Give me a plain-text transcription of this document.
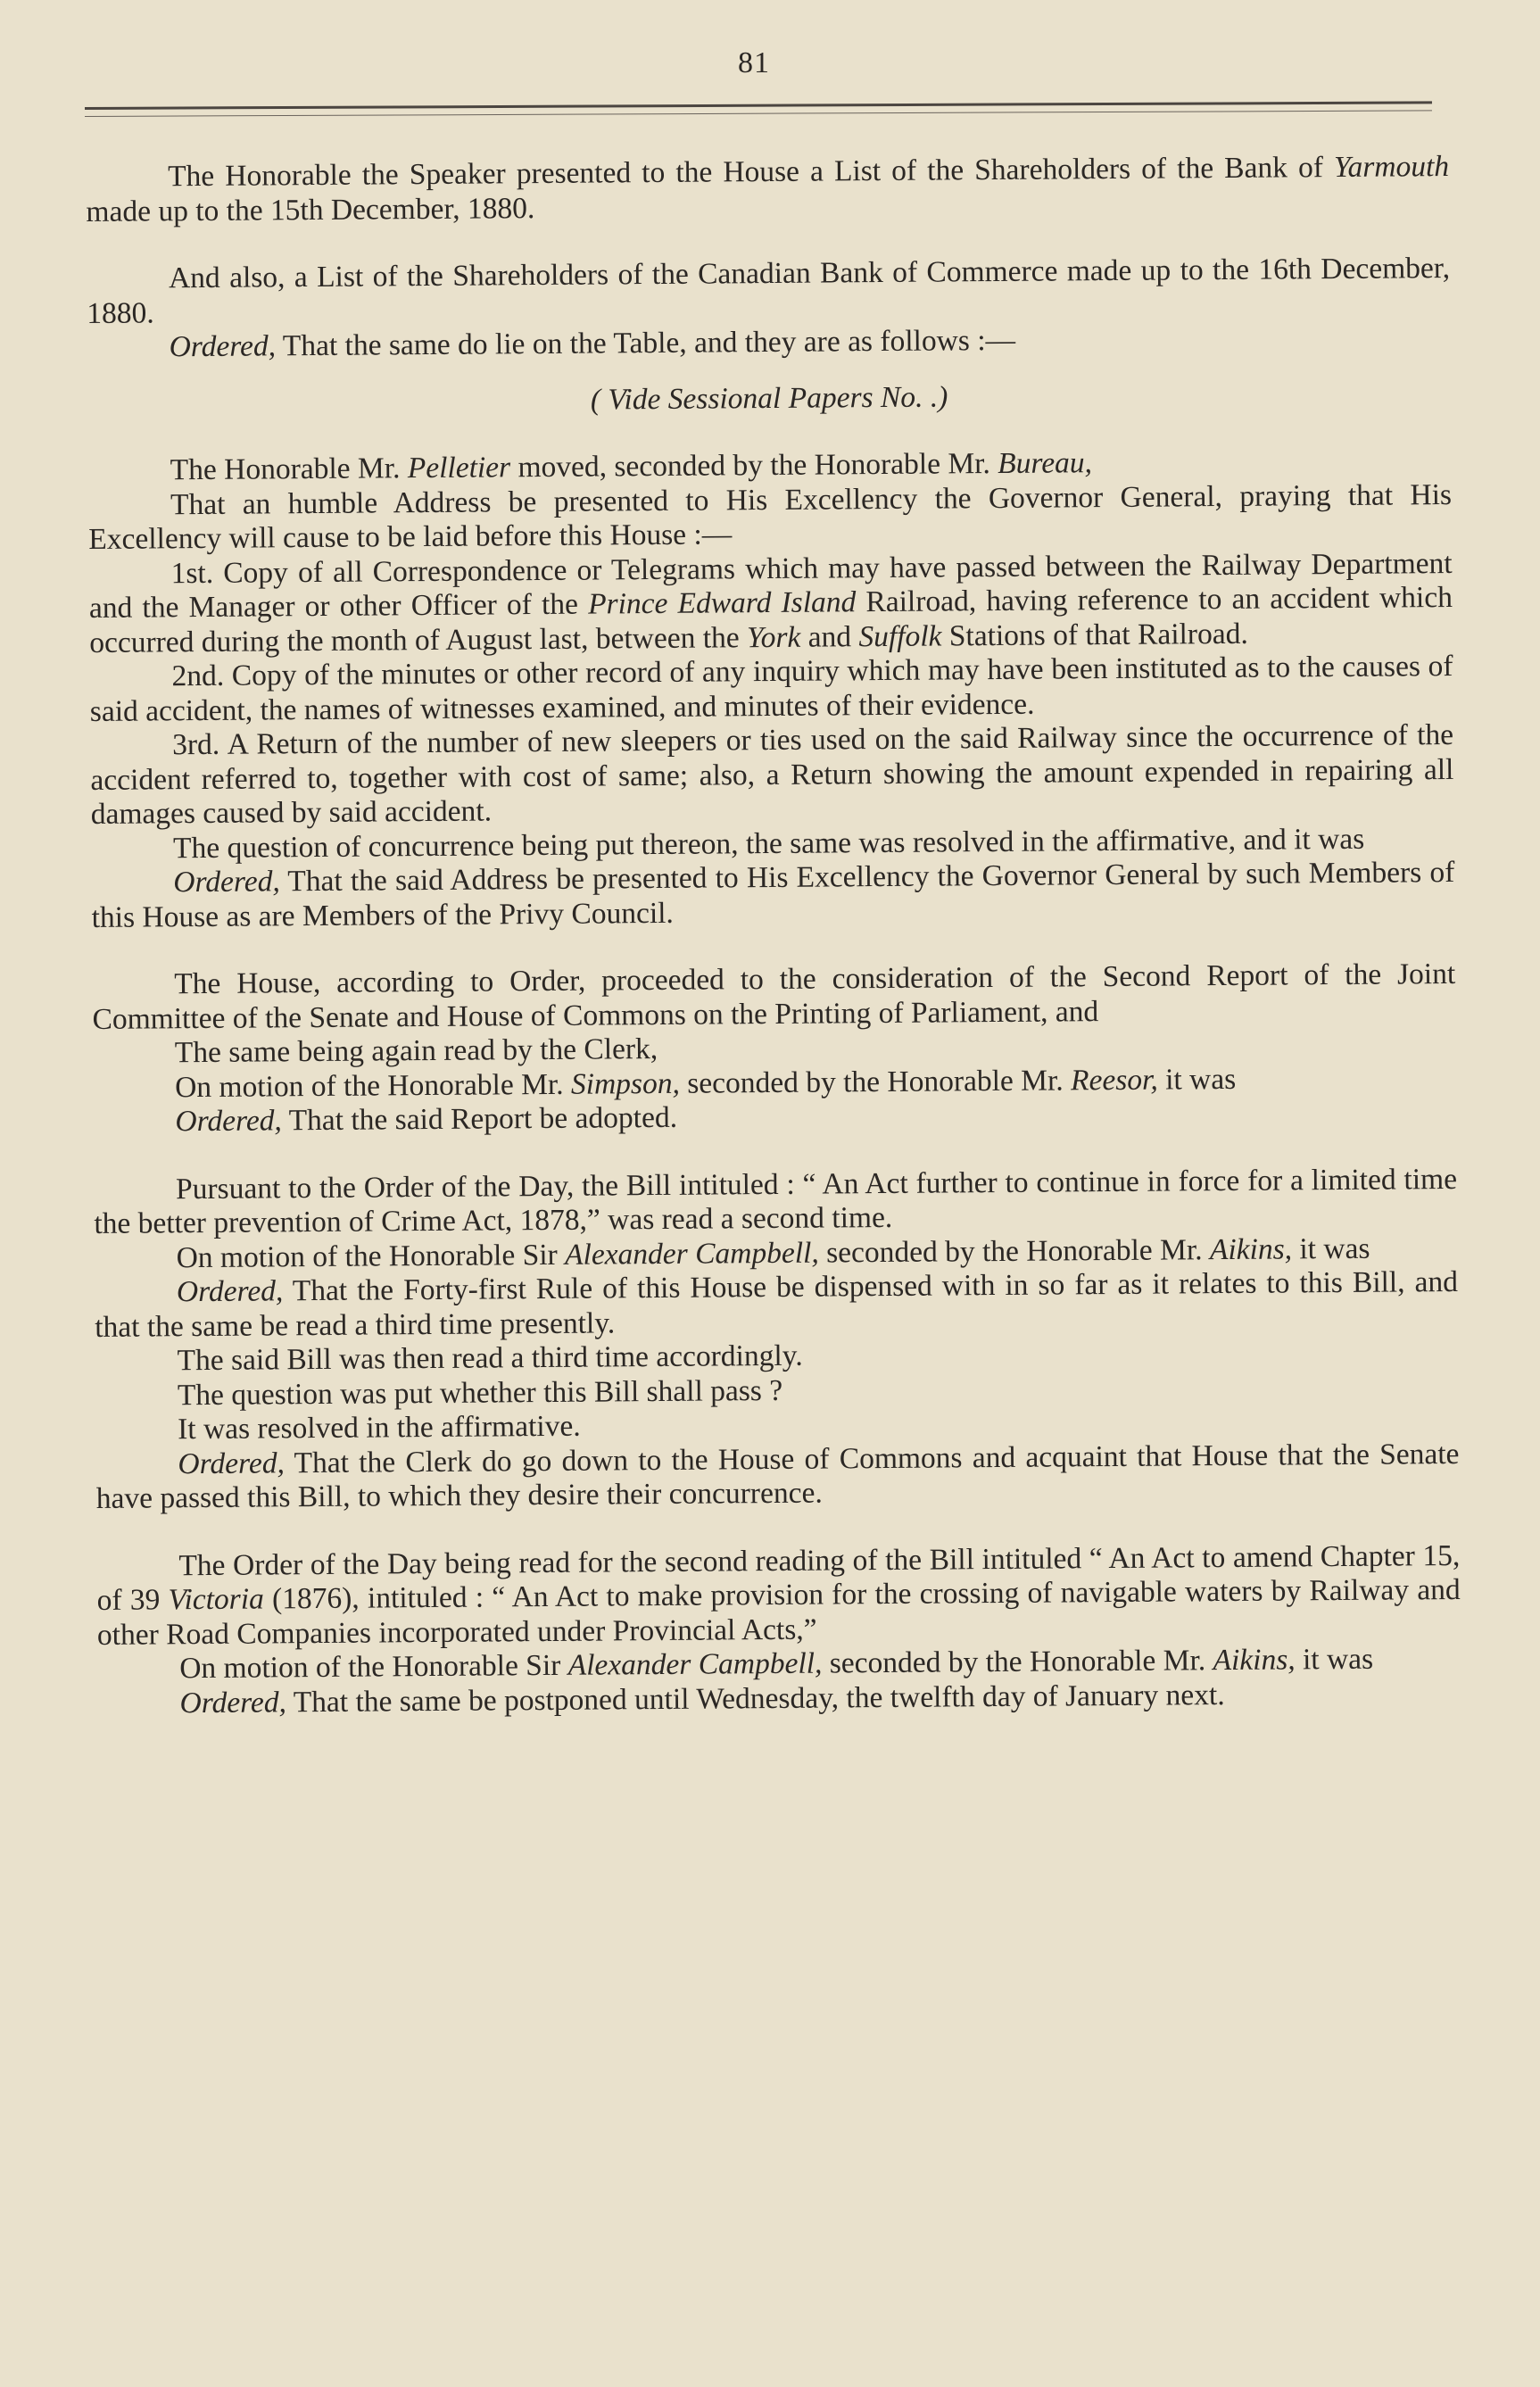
81

The Honorable the Speaker presented to the House a List of the Shareholders of the Bank of Yarmouth made up to the 15th December, 1880.

And also, a List of the Shareholders of the Canadian Bank of Commerce made up to the 16th December, 1880.

Ordered, That the same do lie on the Table, and they are as follows :—

( Vide Sessional Papers No. .)

The Honorable Mr. Pelletier moved, seconded by the Honorable Mr. Bureau,

That an humble Address be presented to His Excellency the Governor General, praying that His Excellency will cause to be laid before this House :—

1st. Copy of all Correspondence or Telegrams which may have passed between the Railway Department and the Manager or other Officer of the Prince Edward Island Railroad, having reference to an accident which occurred during the month of August last, between the York and Suffolk Stations of that Railroad.

2nd. Copy of the minutes or other record of any inquiry which may have been instituted as to the causes of said accident, the names of witnesses examined, and minutes of their evidence.

3rd. A Return of the number of new sleepers or ties used on the said Railway since the occurrence of the accident referred to, together with cost of same; also, a Return showing the amount expended in repairing all damages caused by said accident.

The question of concurrence being put thereon, the same was resolved in the affirmative, and it was

Ordered, That the said Address be presented to His Excellency the Governor General by such Members of this House as are Members of the Privy Council.

The House, according to Order, proceeded to the consideration of the Second Report of the Joint Committee of the Senate and House of Commons on the Printing of Parliament, and

The same being again read by the Clerk,

On motion of the Honorable Mr. Simpson, seconded by the Honorable Mr. Reesor, it was

Ordered, That the said Report be adopted.

Pursuant to the Order of the Day, the Bill intituled : “ An Act further to continue in force for a limited time the better prevention of Crime Act, 1878,” was read a second time.

On motion of the Honorable Sir Alexander Campbell, seconded by the Honorable Mr. Aikins, it was

Ordered, That the Forty-first Rule of this House be dispensed with in so far as it relates to this Bill, and that the same be read a third time presently.

The said Bill was then read a third time accordingly.

The question was put whether this Bill shall pass ?

It was resolved in the affirmative.

Ordered, That the Clerk do go down to the House of Commons and acquaint that House that the Senate have passed this Bill, to which they desire their concurrence.

The Order of the Day being read for the second reading of the Bill intituled “ An Act to amend Chapter 15, of 39 Victoria (1876), intituled : “ An Act to make provision for the crossing of navigable waters by Railway and other Road Companies incorporated under Provincial Acts,”

On motion of the Honorable Sir Alexander Campbell, seconded by the Honorable Mr. Aikins, it was

Ordered, That the same be postponed until Wednesday, the twelfth day of January next.
